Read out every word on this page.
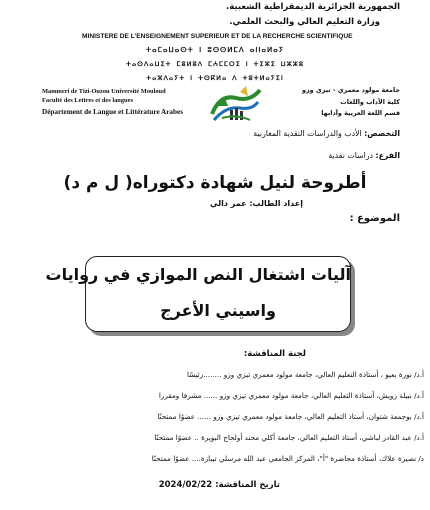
الجمهورية الجزائرية الديمقراطية الشعبية.
وزارة التعليم العالي والبحث العلمي.
MINISTERE DE L’ENSEIGNEMENT SUPERIEUR ET DE LA RECHERCHE SCIENTIFIQUE
ⵜⴰⵎⴰⵡⴰⵙⵜ ⵏ ⵓⵙⵙⵍⵎⴷ ⴰⵏⵏⴰⵍⴰⵢ
ⵜⴰⵙⴷⴰⵡⵉⵜ ⵎⵓⵍⵓⴷ ⵎⵄⵎⵎⵔⵉ ⵏ ⵜⵉⵣⵉ ⵡⵣⵣⵓ
ⵜⴰⵣⴷⴰⵢⵜ ⵏ ⵜⵙⴽⵍⴰ ⴷ ⵜⵓⵜⵍⴰⵢⵉⵏ
Mammeri de Tizi-Ouzou Université Mouloud
Faculté des Lettres et des langues
Département de Langue et Littérature Arabes
جامعة مولود معمري - تيزي وزو
كلية الآداب واللغات
قسم اللغة العربية وآدابها
التخصص: الأدب والدراسات النقدية المغاربية
الفرع: دراسات نقدية
أطروحة لنيل شهادة دكتوراه( ل م د)
إعداد الطالب: عمر دالي
الموضوع :
آليات اشتغال النص الموازي في روايات
واسيني الأعرج
لجنة المناقشة:
أ.د/ نورة بعيو ، أستاذة التعليم العالي، جامعة مولود معمري تيزي وزو ........رئيسًا
أ.د/ نبيلة زويش، أستاذة التعليم العالي، جامعة مولود معمري تيزي وزو ...... مشرفا ومقررا
أ.د/ بوجمعة شتوان، أستاذ التعليم العالي، جامعة مولود معمري تيزي وزو ...... عضوًا ممتحنًا
أ.د/ عبد القادر لباشي، أستاذ التعليم العالي، جامعة أكلي محند أولحاج البويرة .. عضوًا ممتحنًا
د/ نصيرة علاك، أستاذة محاضرة "أ"، المركز الجامعي عبد الله مرسلي تيبازة.... عضوًا ممتحنًا
تاريخ المناقشة: 2024/02/22
